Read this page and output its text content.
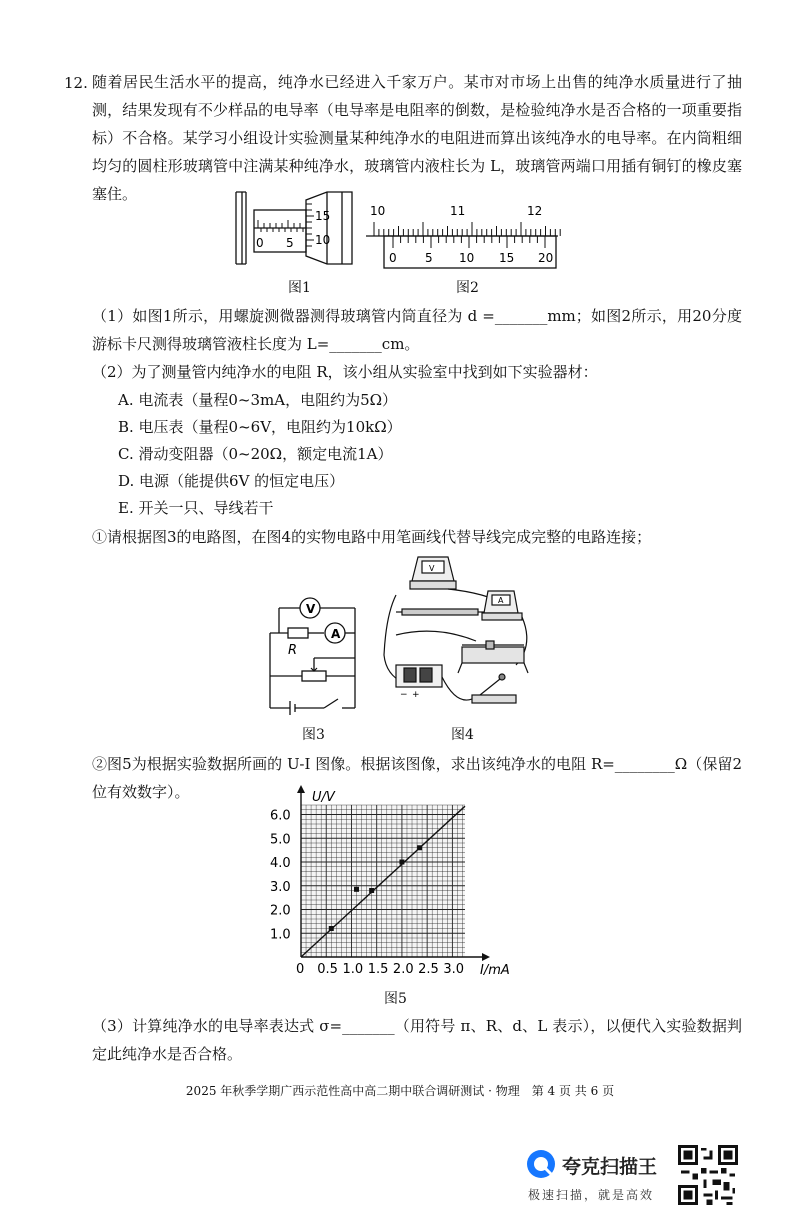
12. 随着居民生活水平的提高，纯净水已经进入千家万户。某市对市场上出售的纯净水质量进行了抽测，结果发现有不少样品的电导率（电导率是电阻率的倒数，是检验纯净水是否合格的一项重要指标）不合格。某学习小组设计实验测量某种纯净水的电阻进而算出该纯净水的电导率。在内筒粗细均匀的圆柱形玻璃管中注满某种纯净水，玻璃管内液柱长为 L，玻璃管两端口用插有铜钉的橡皮塞塞住。
0 5
15
10
图1
10	11	12
0 5 10 15 20
图2
（1）如图1所示，用螺旋测微器测得玻璃管内筒直径为 d =_______mm；如图2所示，用20分度游标卡尺测得玻璃管液柱长度为 L=_______cm。
（2）为了测量管内纯净水的电阻 R，该小组从实验室中找到如下实验器材：
A. 电流表（量程0~3mA，电阻约为5Ω）
B. 电压表（量程0~6V，电阻约为10kΩ）
C. 滑动变阻器（0~20Ω，额定电流1A）
D. 电源（能提供6V 的恒定电压）
E. 开关一只、导线若干
①请根据图3的电路图，在图4的实物电路中用笔画线代替导线完成完整的电路连接；
V
A
R
图3
V
A
− +
图4
②图5为根据实验数据所画的 U-I 图像。根据该图像，求出该纯净水的电阻 R=________Ω（保留2位有效数字）。
0 0.5 1.0 1.5 2.0 2.5 3.0
1.0
2.0
3.0
4.0
5.0
6.0
U/V
I/mA
图5
（3）计算纯净水的电导率表达式 σ=_______（用符号 π、R、d、L 表示），以便代入实验数据判定此纯净水是否合格。
2025 年秋季学期广西示范性高中高二期中联合调研测试 · 物理　第 4 页 共 6 页
夸克扫描王
极速扫描，就是高效
